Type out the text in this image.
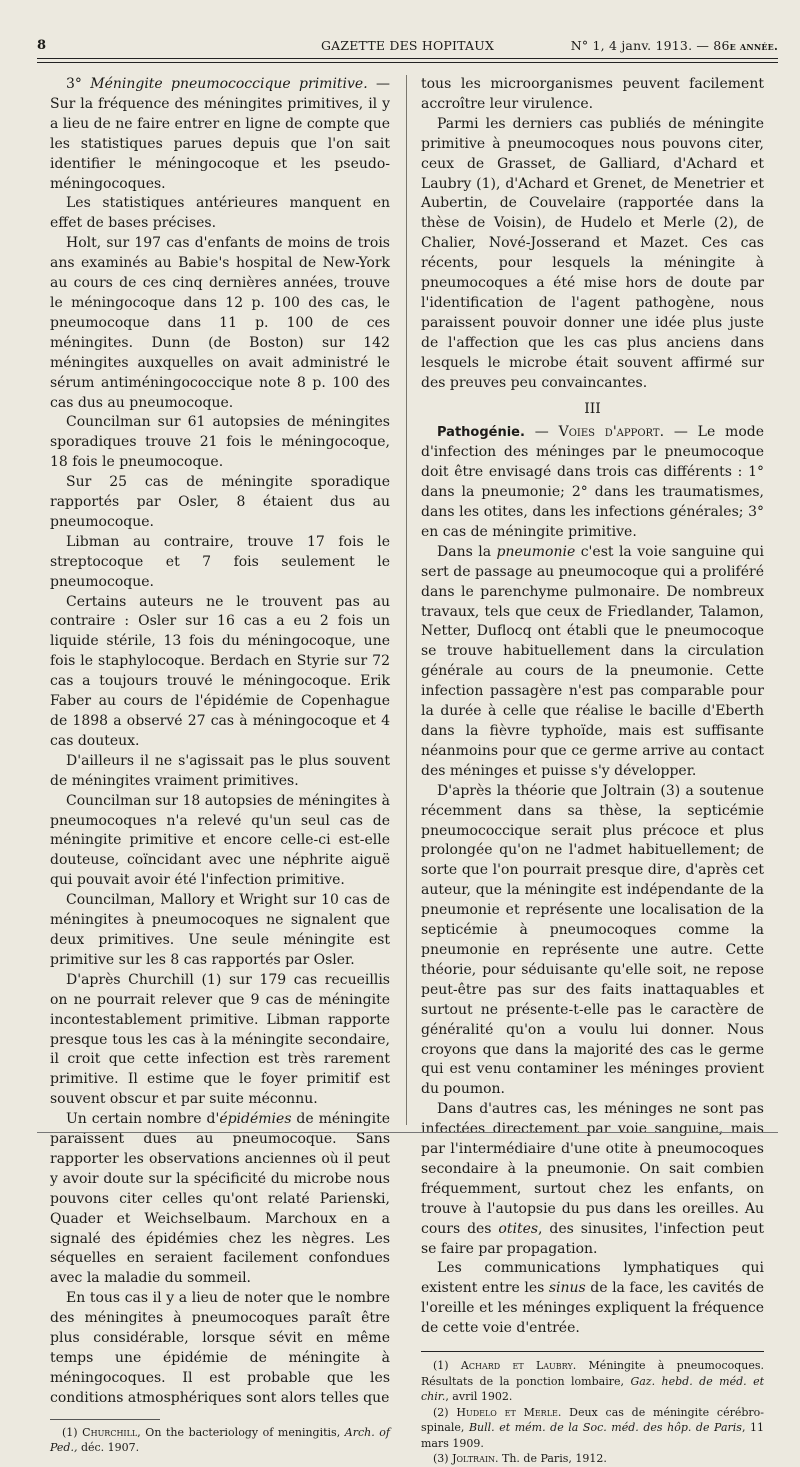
8	GAZETTE DES HOPITAUX	N° 1, 4 janv. 1913. — 86e année.

3° Méningite pneumococcique primitive. — Sur la fréquence des méningites primitives, il y a lieu de ne faire entrer en ligne de compte que les statistiques parues depuis que l'on sait identifier le méningocoque et les pseudo-méningocoques.

Les statistiques antérieures manquent en effet de bases précises.

Holt, sur 197 cas d'enfants de moins de trois ans examinés au Babie's hospital de New-York au cours de ces cinq dernières années, trouve le méningocoque dans 12 p. 100 des cas, le pneumocoque dans 11 p. 100 de ces méningites. Dunn (de Boston) sur 142 méningites auxquelles on avait administré le sérum antiméningococcique note 8 p. 100 des cas dus au pneumocoque.

Councilman sur 61 autopsies de méningites sporadiques trouve 21 fois le méningocoque, 18 fois le pneumocoque.

Sur 25 cas de méningite sporadique rapportés par Osler, 8 étaient dus au pneumocoque.

Libman au contraire, trouve 17 fois le streptocoque et 7 fois seulement le pneumocoque.

Certains auteurs ne le trouvent pas au contraire : Osler sur 16 cas a eu 2 fois un liquide stérile, 13 fois du méningocoque, une fois le staphylocoque. Berdach en Styrie sur 72 cas a toujours trouvé le méningocoque. Erik Faber au cours de l'épidémie de Copenhague de 1898 a observé 27 cas à méningocoque et 4 cas douteux.

D'ailleurs il ne s'agissait pas le plus souvent de méningites vraiment primitives.

Councilman sur 18 autopsies de méningites à pneumocoques n'a relevé qu'un seul cas de méningite primitive et encore celle-ci est-elle douteuse, coïncidant avec une néphrite aiguë qui pouvait avoir été l'infection primitive.

Councilman, Mallory et Wright sur 10 cas de méningites à pneumocoques ne signalent que deux primitives. Une seule méningite est primitive sur les 8 cas rapportés par Osler.

D'après Churchill (1) sur 179 cas recueillis on ne pourrait relever que 9 cas de méningite incontestablement primitive. Libman rapporte presque tous les cas à la méningite secondaire, il croit que cette infection est très rarement primitive. Il estime que le foyer primitif est souvent obscur et par suite méconnu.

Un certain nombre d'épidémies de méningite paraissent dues au pneumocoque. Sans rapporter les observations anciennes où il peut y avoir doute sur la spécificité du microbe nous pouvons citer celles qu'ont relaté Parienski, Quader et Weichselbaum. Marchoux en a signalé des épidémies chez les nègres. Les séquelles en seraient facilement confondues avec la maladie du sommeil.

En tous cas il y a lieu de noter que le nombre des méningites à pneumocoques paraît être plus considérable, lorsque sévit en même temps une épidémie de méningite à méningocoques. Il est probable que les conditions atmosphériques sont alors telles que

(1) Churchill, On the bacteriology of meningitis, Arch. of Ped., déc. 1907.

tous les microorganismes peuvent facilement accroître leur virulence.

Parmi les derniers cas publiés de méningite primitive à pneumocoques nous pouvons citer, ceux de Grasset, de Galliard, d'Achard et Laubry (1), d'Achard et Grenet, de Menetrier et Aubertin, de Couvelaire (rapportée dans la thèse de Voisin), de Hudelo et Merle (2), de Chalier, Nové-Josserand et Mazet. Ces cas récents, pour lesquels la méningite à pneumocoques a été mise hors de doute par l'identification de l'agent pathogène, nous paraissent pouvoir donner une idée plus juste de l'affection que les cas plus anciens dans lesquels le microbe était souvent affirmé sur des preuves peu convaincantes.

III

Pathogénie. — Voies d'apport. — Le mode d'infection des méninges par le pneumocoque doit être envisagé dans trois cas différents : 1° dans la pneumonie; 2° dans les traumatismes, dans les otites, dans les infections générales; 3° en cas de méningite primitive.

Dans la pneumonie c'est la voie sanguine qui sert de passage au pneumocoque qui a proliféré dans le parenchyme pulmonaire. De nombreux travaux, tels que ceux de Friedlander, Talamon, Netter, Duflocq ont établi que le pneumocoque se trouve habituellement dans la circulation générale au cours de la pneumonie. Cette infection passagère n'est pas comparable pour la durée à celle que réalise le bacille d'Eberth dans la fièvre typhoïde, mais est suffisante néanmoins pour que ce germe arrive au contact des méninges et puisse s'y développer.

D'après la théorie que Joltrain (3) a soutenue récemment dans sa thèse, la septicémie pneumococcique serait plus précoce et plus prolongée qu'on ne l'admet habituellement; de sorte que l'on pourrait presque dire, d'après cet auteur, que la méningite est indépendante de la pneumonie et représente une localisation de la septicémie à pneumocoques comme la pneumonie en représente une autre. Cette théorie, pour séduisante qu'elle soit, ne repose peut-être pas sur des faits inattaquables et surtout ne présente-t-elle pas le caractère de généralité qu'on a voulu lui donner. Nous croyons que dans la majorité des cas le germe qui est venu contaminer les méninges provient du poumon.

Dans d'autres cas, les méninges ne sont pas infectées directement par voie sanguine, mais par l'intermédiaire d'une otite à pneumocoques secondaire à la pneumonie. On sait combien fréquemment, surtout chez les enfants, on trouve à l'autopsie du pus dans les oreilles. Au cours des otites, des sinusites, l'infection peut se faire par propagation.

Les communications lymphatiques qui existent entre les sinus de la face, les cavités de l'oreille et les méninges expliquent la fréquence de cette voie d'entrée.

(1) Achard et Laubry. Méningite à pneumocoques. Résultats de la ponction lombaire, Gaz. hebd. de méd. et chir., avril 1902.

(2) Hudelo et Merle. Deux cas de méningite cérébro-spinale, Bull. et mém. de la Soc. méd. des hôp. de Paris, 11 mars 1909.

(3) Joltrain. Th. de Paris, 1912.
